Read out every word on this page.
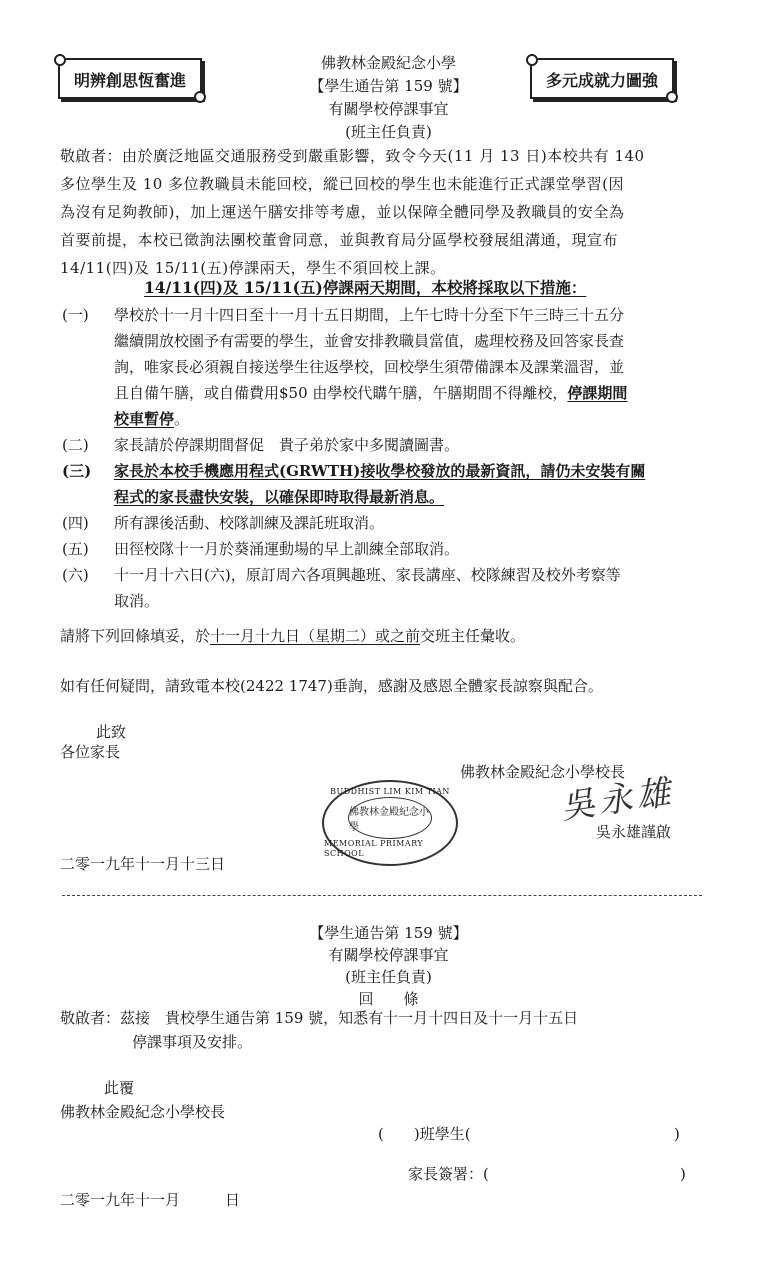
明辨創思恆奮進	多元成就力圖強
佛教林金殿紀念小學
【學生通告第 159 號】
有關學校停課事宜
(班主任負責)
敬啟者：由於廣泛地區交通服務受到嚴重影響，致令今天(11 月 13 日)本校共有 140
多位學生及 10 多位教職員未能回校，縱已回校的學生也未能進行正式課堂學習(因
為沒有足夠教師)，加上運送午膳安排等考慮，並以保障全體同學及教職員的安全為
首要前提，本校已徵詢法團校董會同意，並與教育局分區學校發展組溝通，現宣布
14/11(四)及 15/11(五)停課兩天，學生不須回校上課。
14/11(四)及 15/11(五)停課兩天期間，本校將採取以下措施：
(一)	學校於十一月十四日至十一月十五日期間，上午七時十分至下午三時三十五分
繼續開放校園予有需要的學生，並會安排教職員當值，處理校務及回答家長查
詢，唯家長必須親自接送學生往返學校，回校學生須帶備課本及課業溫習，並
且自備午膳，或自備費用$50 由學校代購午膳，午膳期間不得離校，停課期間
校車暫停。
(二)	家長請於停課期間督促　貴子弟於家中多閱讀圖書。
(三)	家長於本校手機應用程式(GRWTH)接收學校發放的最新資訊，請仍未安裝有關
程式的家長盡快安裝，以確保即時取得最新消息。
(四)	所有課後活動、校隊訓練及課託班取消。
(五)	田徑校隊十一月於葵涌運動場的早上訓練全部取消。
(六)	十一月十六日(六)，原訂周六各項興趣班、家長講座、校隊練習及校外考察等
取消。
請將下列回條填妥，於十一月十九日（星期二）或之前交班主任彙收。
如有任何疑問，請致電本校(2422 1747)垂詢，感謝及感恩全體家長諒察與配合。
此致
各位家長
佛教林金殿紀念小學校長
BUDDHIST LIM KIM TIAN
佛教林金殿紀念小學
MEMORIAL PRIMARY SCHOOL
吳永雄
吳永雄謹啟
二零一九年十一月十三日
【學生通告第 159 號】
有關學校停課事宜
(班主任負責)
回　　條
敬啟者：茲接　貴校學生通告第 159 號，知悉有十一月十四日及十一月十五日
停課事項及安排。
此覆
佛教林金殿紀念小學校長
(　　)班學生(	)
家長簽署：(	)
二零一九年十一月　　　日
